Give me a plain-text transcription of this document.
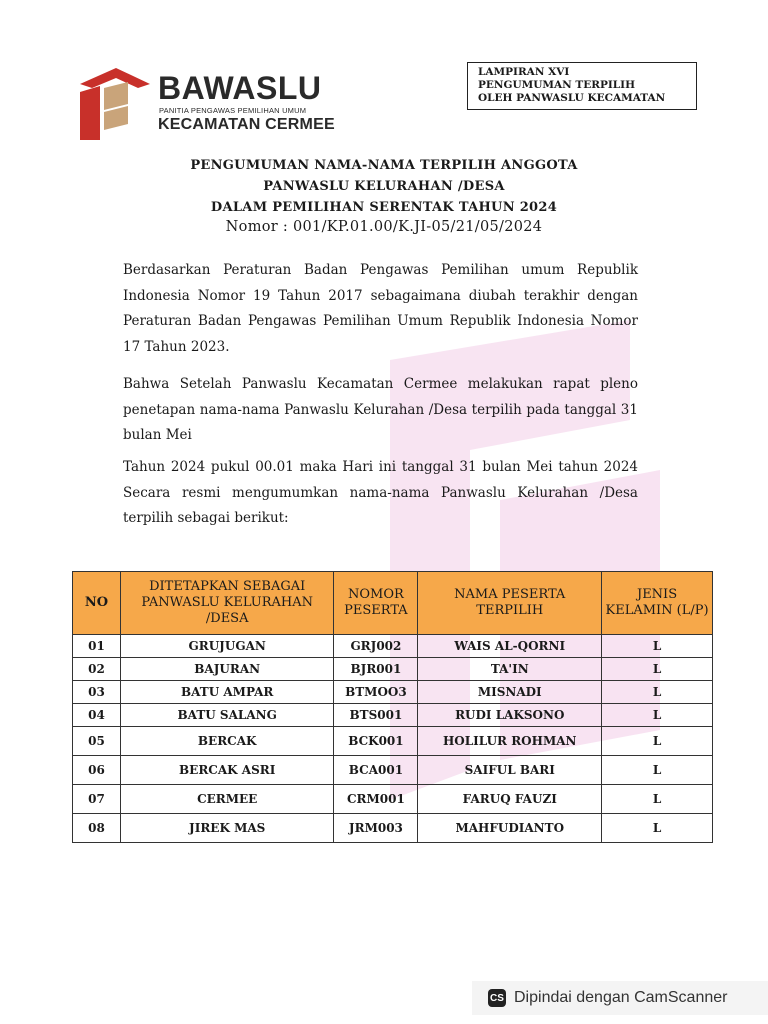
BAWASLU
PANITIA PENGAWAS PEMILIHAN UMUM
KECAMATAN CERMEE
LAMPIRAN XVI
PENGUMUMAN TERPILIH
OLEH PANWASLU KECAMATAN

PENGUMUMAN NAMA-NAMA TERPILIH ANGGOTA

PANWASLU KELURAHAN /DESA

DALAM PEMILIHAN SERENTAK TAHUN 2024

Nomor : 001/KP.01.00/K.JI-05/21/05/2024

Berdasarkan Peraturan Badan Pengawas Pemilihan umum Republik Indonesia Nomor 19 Tahun 2017 sebagaimana diubah terakhir dengan Peraturan Badan Pengawas Pemilihan Umum Republik Indonesia Nomor 17 Tahun 2023.

Bahwa Setelah Panwaslu Kecamatan Cermee melakukan rapat pleno penetapan nama-nama Panwaslu Kelurahan /Desa terpilih pada tanggal 31 bulan Mei

Tahun 2024 pukul 00.01 maka Hari ini tanggal 31 bulan Mei tahun 2024 Secara resmi mengumumkan nama-nama Panwaslu Kelurahan /Desa terpilih sebagai berikut:

NO	DITETAPKAN SEBAGAI PANWASLU KELURAHAN /DESA	NOMOR PESERTA	NAMA PESERTA TERPILIH	JENIS KELAMIN (L/P)
01	GRUJUGAN	GRJ002	WAIS AL-QORNI	L
02	BAJURAN	BJR001	TA'IN	L
03	BATU AMPAR	BTMOO3	MISNADI	L
04	BATU SALANG	BTS001	RUDI LAKSONO	L
05	BERCAK	BCK001	HOLILUR ROHMAN	L
06	BERCAK ASRI	BCA001	SAIFUL BARI	L
07	CERMEE	CRM001	FARUQ FAUZI	L
08	JIREK MAS	JRM003	MAHFUDIANTO	L
CS Dipindai dengan CamScanner
